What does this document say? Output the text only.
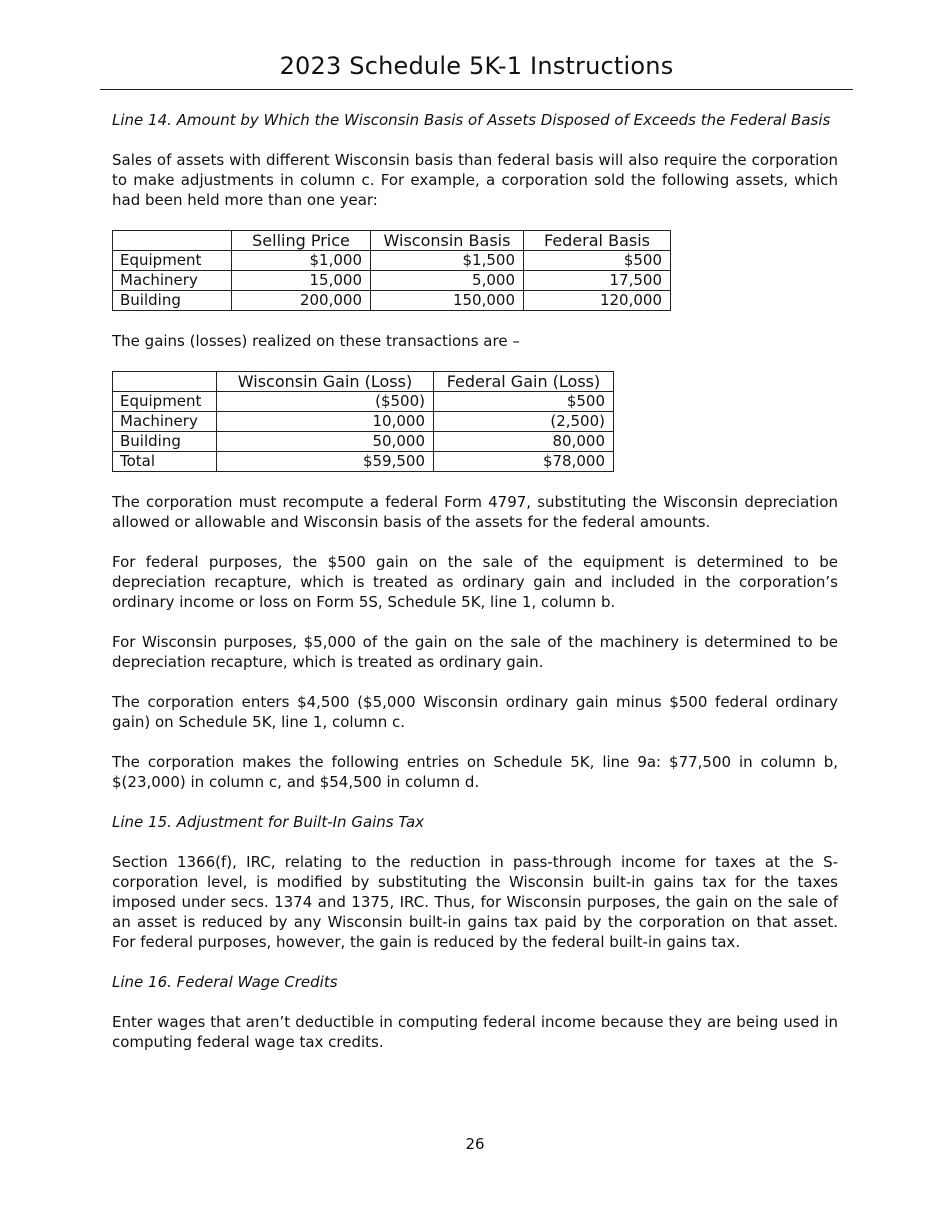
2023 Schedule 5K-1 Instructions

Line 14. Amount by Which the Wisconsin Basis of Assets Disposed of Exceeds the Federal Basis

Sales of assets with different Wisconsin basis than federal basis will also require the corporation to make adjustments in column c. For example, a corporation sold the following assets, which had been held more than one year:

	Selling Price	Wisconsin Basis	Federal Basis
Equipment	$1,000	$1,500	$500
Machinery	15,000	5,000	17,500
Building	200,000	150,000	120,000

The gains (losses) realized on these transactions are –

	Wisconsin Gain (Loss)	Federal Gain (Loss)
Equipment	($500)	$500
Machinery	10,000	(2,500)
Building	50,000	80,000
Total	$59,500	$78,000

The corporation must recompute a federal Form 4797, substituting the Wisconsin depreciation allowed or allowable and Wisconsin basis of the assets for the federal amounts.

For federal purposes, the $500 gain on the sale of the equipment is determined to be depreciation recapture, which is treated as ordinary gain and included in the corporation’s ordinary income or loss on Form 5S, Schedule 5K, line 1, column b.

For Wisconsin purposes, $5,000 of the gain on the sale of the machinery is determined to be depreciation recapture, which is treated as ordinary gain.

The corporation enters $4,500 ($5,000 Wisconsin ordinary gain minus $500 federal ordinary gain) on Schedule 5K, line 1, column c.

The corporation makes the following entries on Schedule 5K, line 9a: $77,500 in column b, $(23,000) in column c, and $54,500 in column d.

Line 15. Adjustment for Built-In Gains Tax

Section 1366(f), IRC, relating to the reduction in pass-through income for taxes at the S-corporation level, is modified by substituting the Wisconsin built-in gains tax for the taxes imposed under secs. 1374 and 1375, IRC. Thus, for Wisconsin purposes, the gain on the sale of an asset is reduced by any Wisconsin built-in gains tax paid by the corporation on that asset. For federal purposes, however, the gain is reduced by the federal built-in gains tax.

Line 16. Federal Wage Credits

Enter wages that aren’t deductible in computing federal income because they are being used in computing federal wage tax credits.

26
